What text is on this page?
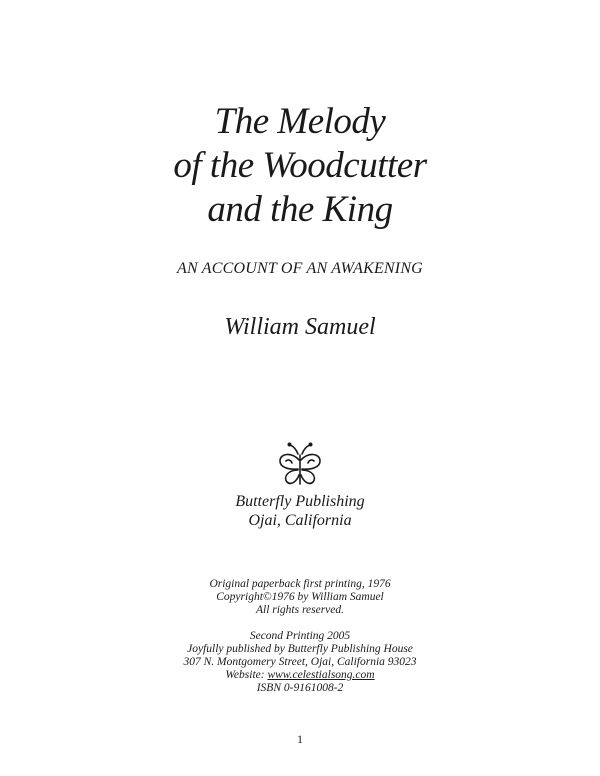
The Melody
of the Woodcutter
and the King
AN ACCOUNT OF AN AWAKENING
William Samuel
Butterfly Publishing
Ojai, California
Original paperback first printing, 1976
Copyright©1976 by William Samuel
All rights reserved.
Second Printing 2005
Joyfully published by Butterfly Publishing House
307 N. Montgomery Street, Ojai, California 93023
Website: www.celestialsong.com
ISBN 0-9161008-2
1
